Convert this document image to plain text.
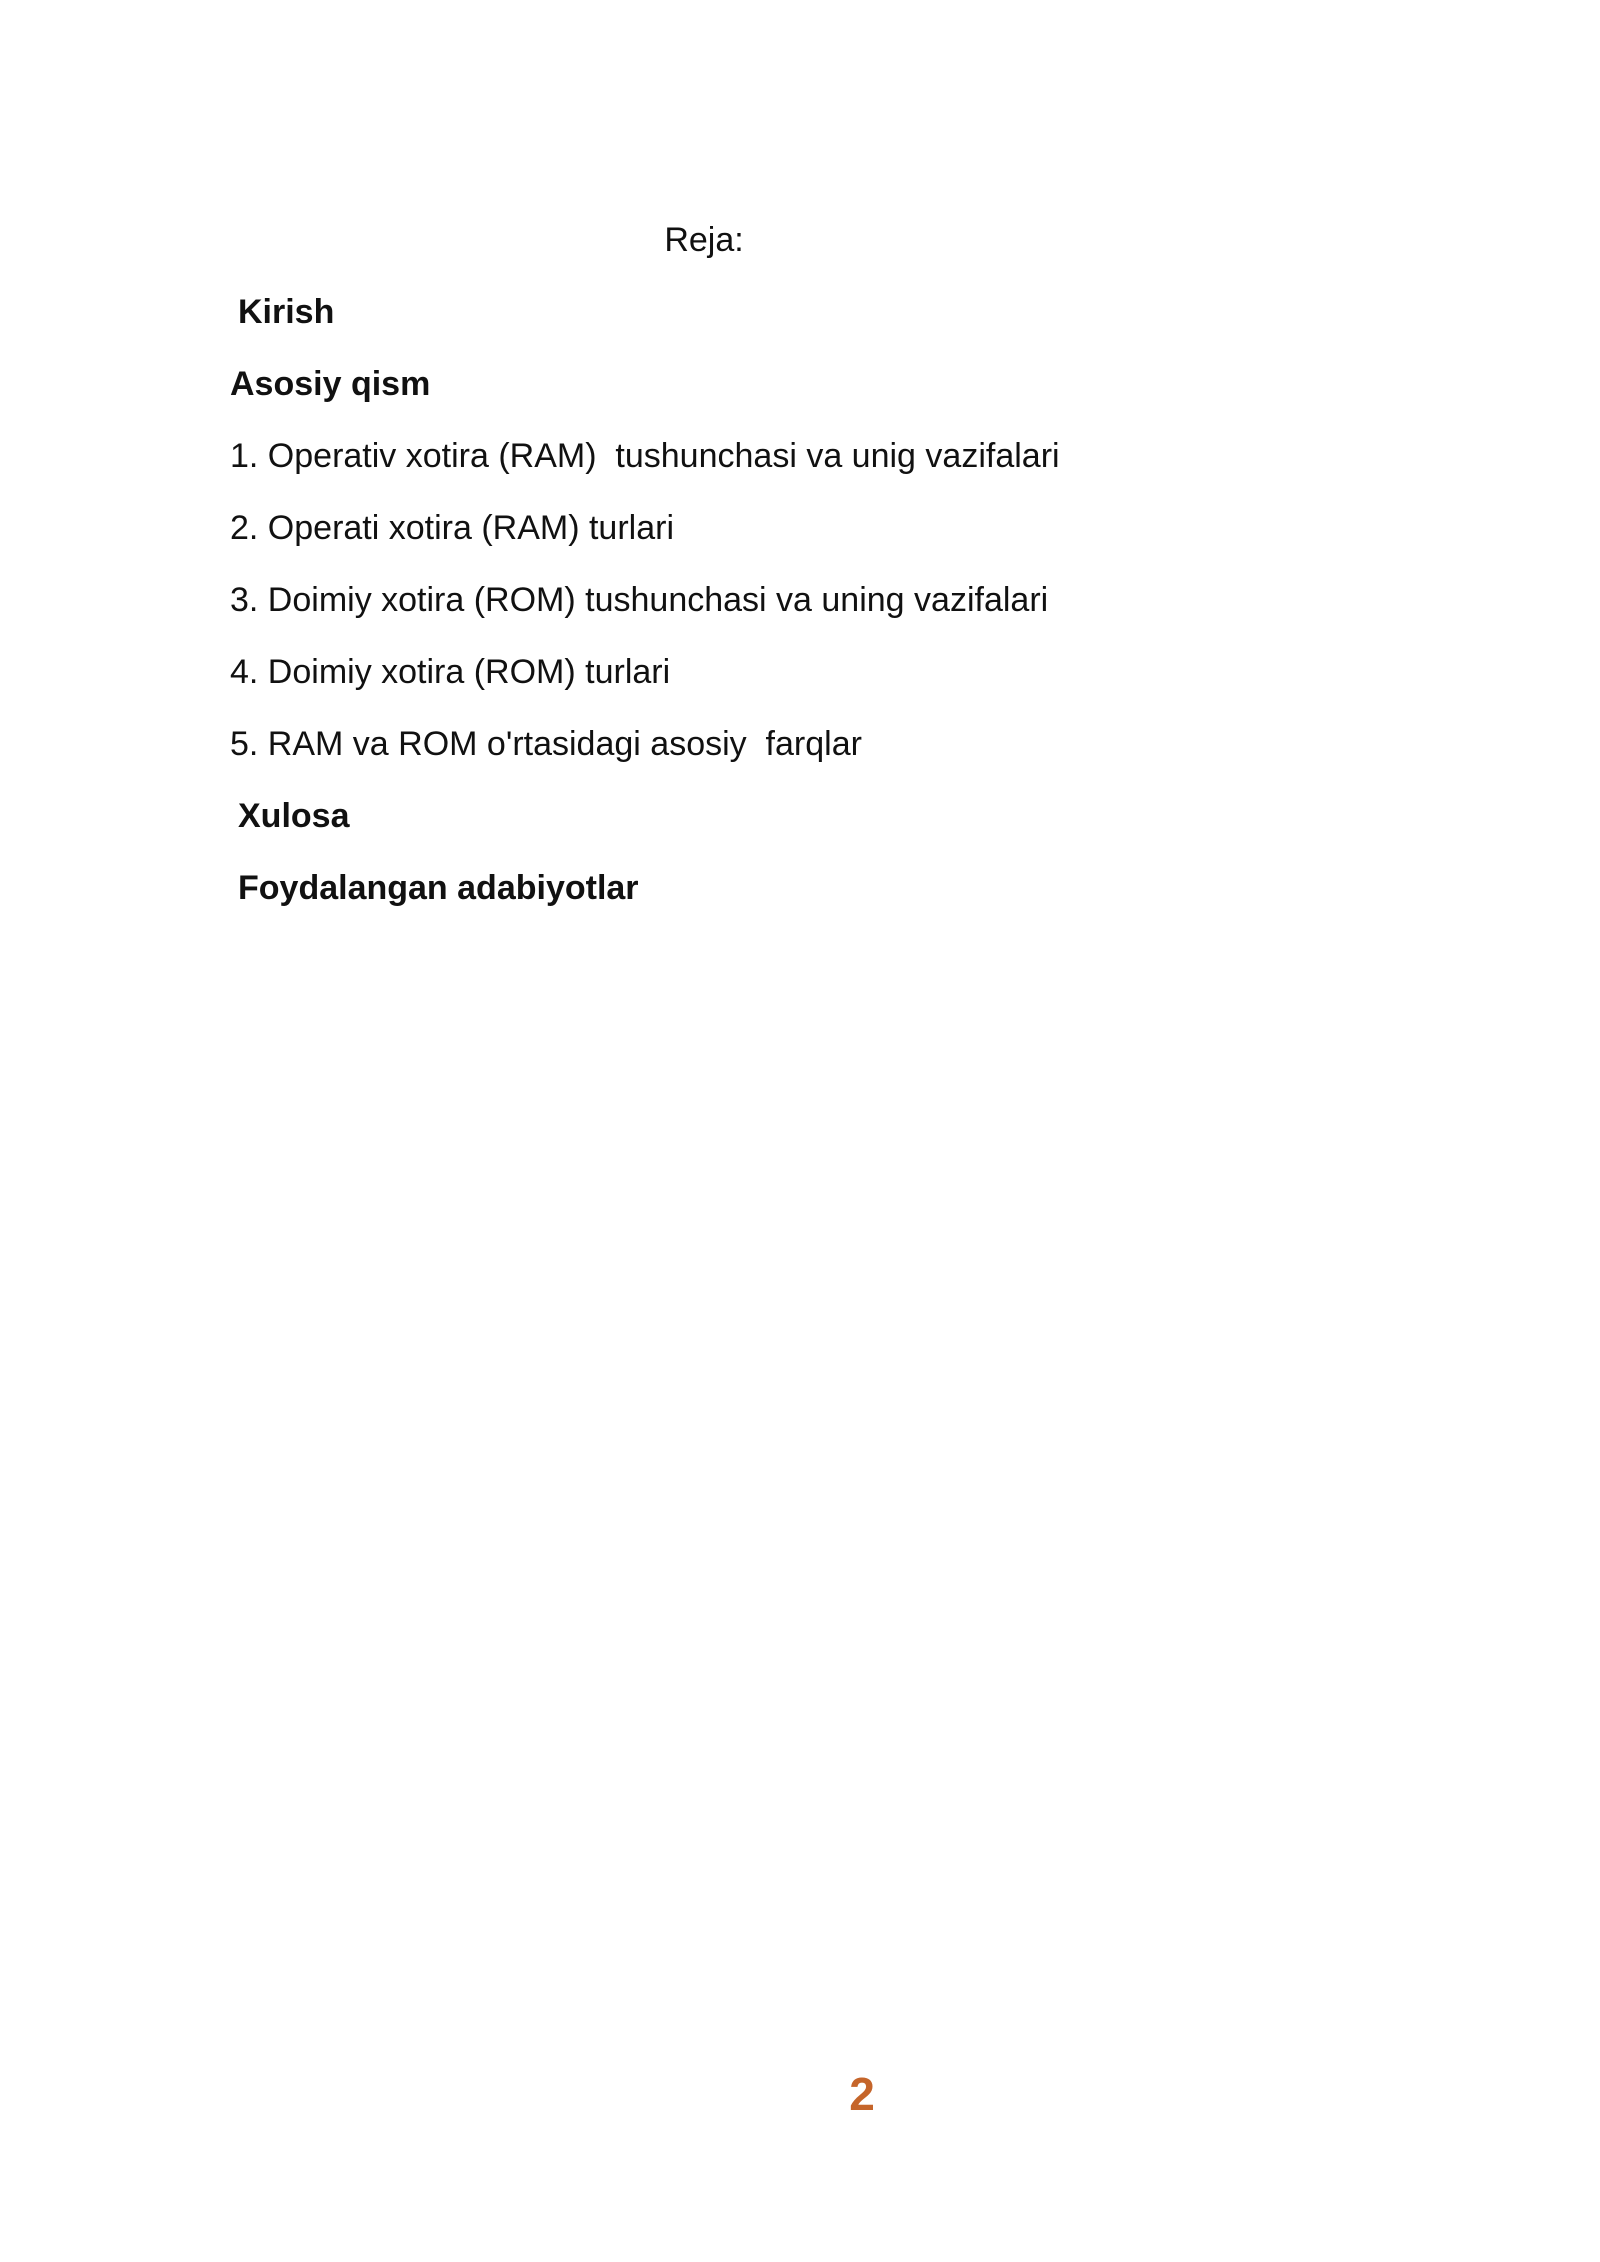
Reja:
Kirish
Asosiy qism
1. Operativ xotira (RAM)  tushunchasi va unig vazifalari
2. Operati xotira (RAM) turlari
3. Doimiy xotira (ROM) tushunchasi va uning vazifalari
4. Doimiy xotira (ROM) turlari
5. RAM va ROM o'rtasidagi asosiy  farqlar
Xulosa
Foydalangan adabiyotlar
2
